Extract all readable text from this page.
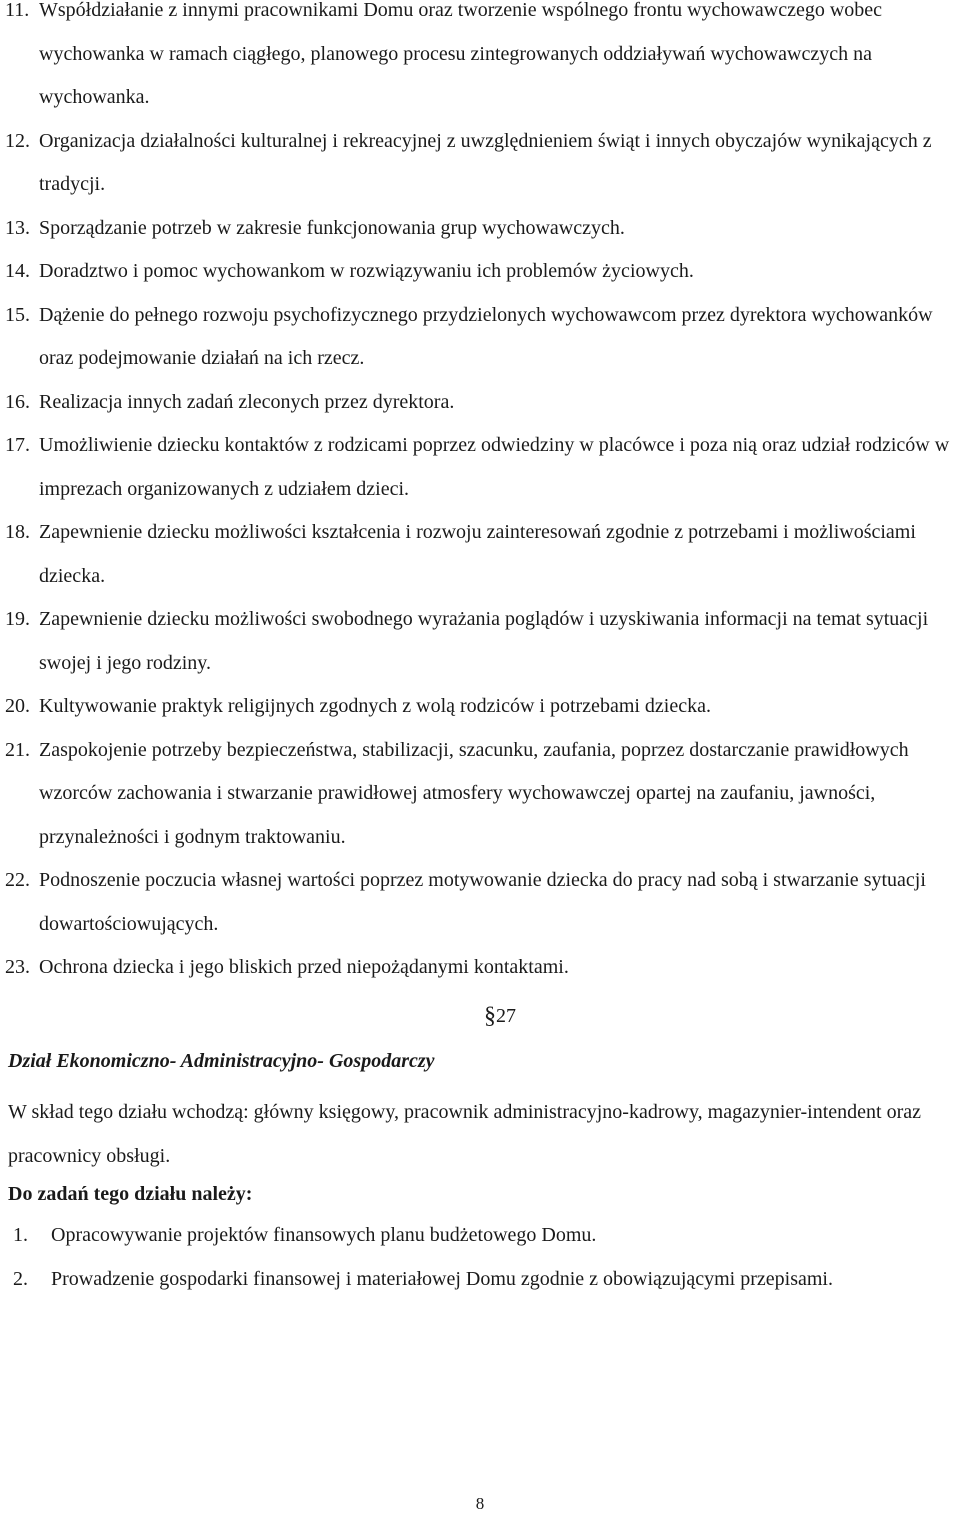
11. Współdziałanie z innymi pracownikami Domu oraz tworzenie wspólnego frontu wychowawczego wobec wychowanka w ramach ciągłego, planowego procesu zintegrowanych oddziaływań wychowawczych na wychowanka.
12. Organizacja działalności kulturalnej i rekreacyjnej z uwzględnieniem świąt i innych obyczajów wynikających z tradycji.
13. Sporządzanie potrzeb w zakresie funkcjonowania grup wychowawczych.
14. Doradztwo i pomoc wychowankom w rozwiązywaniu ich problemów życiowych.
15. Dążenie do pełnego rozwoju psychofizycznego przydzielonych wychowawcom przez dyrektora wychowanków oraz podejmowanie działań na ich rzecz.
16. Realizacja innych zadań zleconych przez dyrektora.
17. Umożliwienie dziecku kontaktów z rodzicami poprzez odwiedziny w placówce i poza nią oraz udział rodziców w imprezach organizowanych z udziałem dzieci.
18. Zapewnienie dziecku możliwości kształcenia i rozwoju zainteresowań zgodnie z potrzebami i możliwościami dziecka.
19. Zapewnienie dziecku możliwości swobodnego wyrażania poglądów i uzyskiwania informacji na temat sytuacji swojej i jego rodziny.
20. Kultywowanie praktyk religijnych zgodnych z wolą rodziców i potrzebami dziecka.
21. Zaspokojenie potrzeby bezpieczeństwa, stabilizacji, szacunku, zaufania, poprzez dostarczanie prawidłowych wzorców zachowania i stwarzanie prawidłowej atmosfery wychowawczej opartej na zaufaniu, jawności, przynależności i godnym traktowaniu.
22. Podnoszenie poczucia własnej wartości poprzez motywowanie dziecka do pracy nad sobą i stwarzanie sytuacji dowartościowujących.
23. Ochrona dziecka i jego bliskich przed niepożądanymi kontaktami.
§27
Dział Ekonomiczno- Administracyjno- Gospodarczy
W skład tego działu wchodzą: główny księgowy, pracownik administracyjno-kadrowy, magazynier-intendent oraz pracownicy obsługi.
Do zadań tego działu należy:
1. Opracowywanie projektów finansowych planu budżetowego Domu.
2. Prowadzenie gospodarki finansowej i materiałowej Domu zgodnie z obowiązującymi przepisami.
8
